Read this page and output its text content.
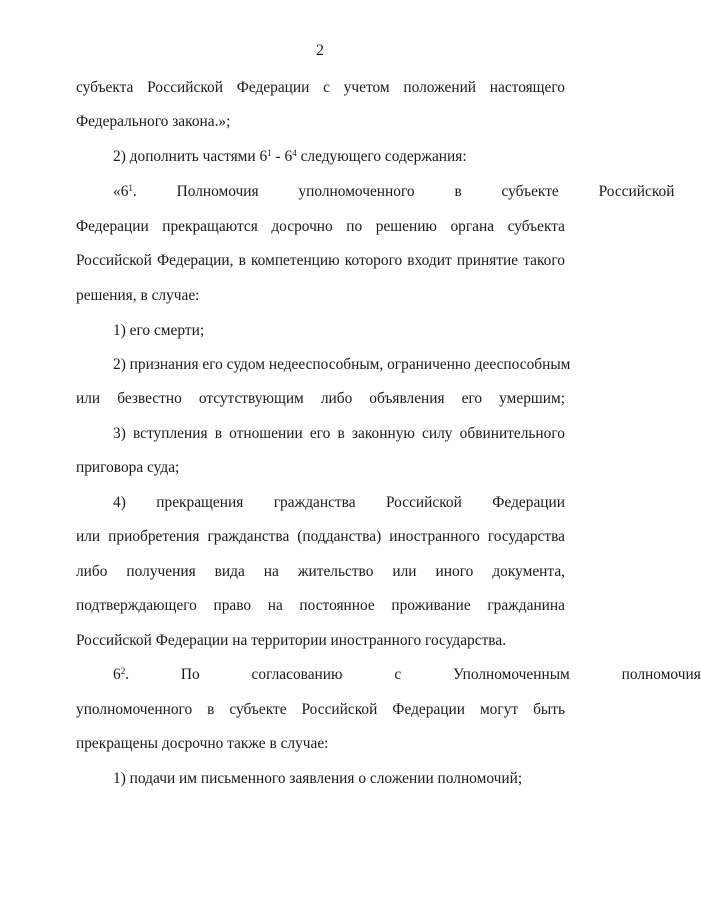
2
субъекта Российской Федерации с учетом положений настоящего
Федерального закона.»;
2) дополнить частями $6^1 - 6^4$ следующего содержания:
«$6^1$. Полномочия уполномоченного в субъекте Российской
Федерации прекращаются досрочно по решению органа субъекта
Российской Федерации, в компетенцию которого входит принятие такого
решения, в случае:
1) его смерти;
2) признания его судом недееспособным, ограниченно дееспособным
или безвестно отсутствующим либо объявления его умершим;
3) вступления в отношении его в законную силу обвинительного
приговора суда;
4) прекращения гражданства Российской Федерации
или приобретения гражданства (подданства) иностранного государства
либо получения вида на жительство или иного документа,
подтверждающего право на постоянное проживание гражданина
Российской Федерации на территории иностранного государства.
$6^2$. По согласованию с Уполномоченным полномочия
уполномоченного в субъекте Российской Федерации могут быть
прекращены досрочно также в случае:
1) подачи им письменного заявления о сложении полномочий;
